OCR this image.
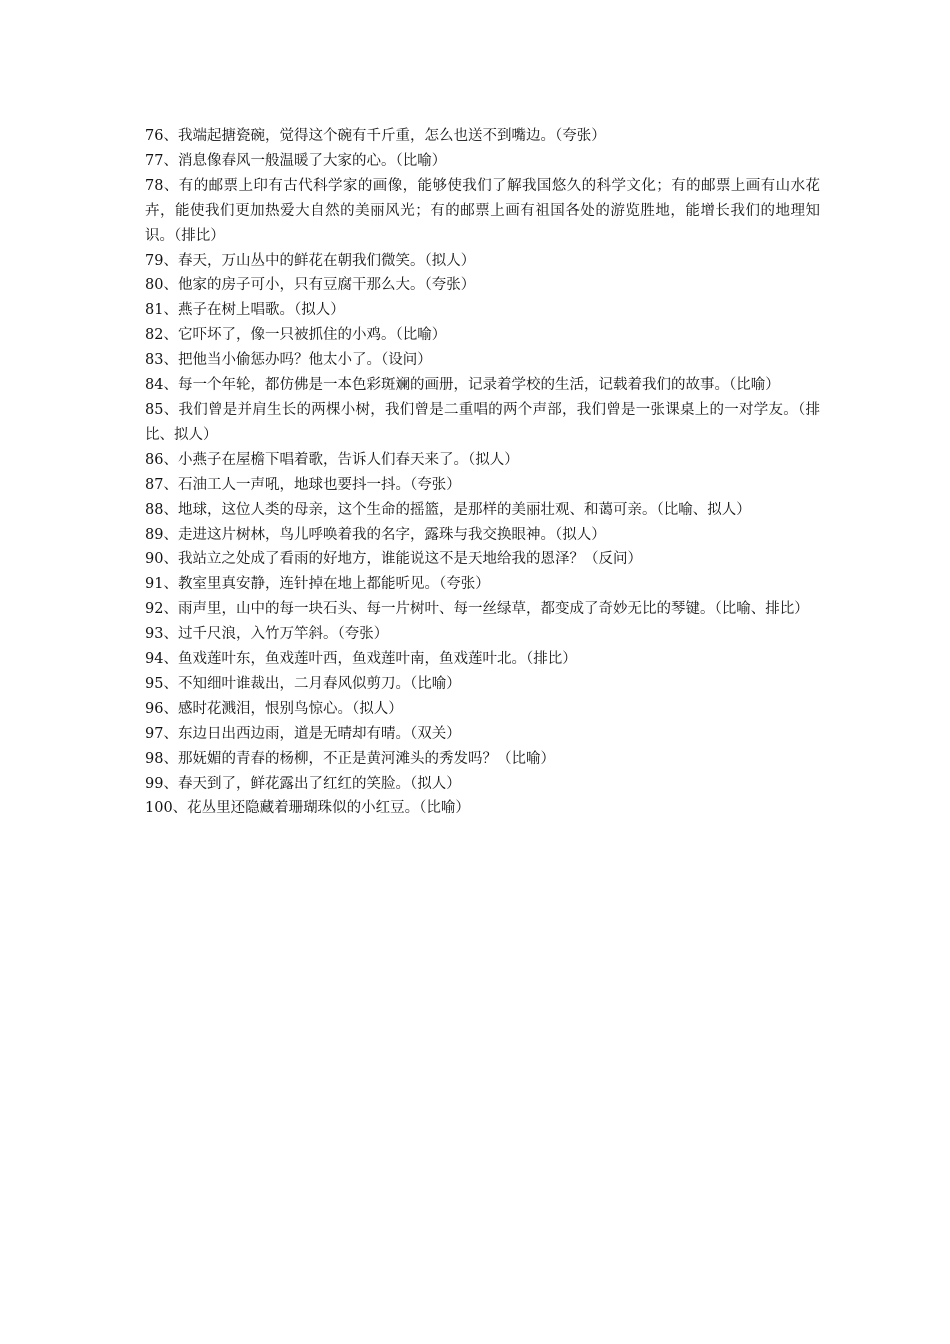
76、我端起搪瓷碗，觉得这个碗有千斤重，怎么也送不到嘴边。（夸张）

77、消息像春风一般温暖了大家的心。（比喻）

78、有的邮票上印有古代科学家的画像，能够使我们了解我国悠久的科学文化；有的邮票上画有山水花卉，能使我们更加热爱大自然的美丽风光；有的邮票上画有祖国各处的游览胜地，能增长我们的地理知识。（排比）

79、春天，万山丛中的鲜花在朝我们微笑。（拟人）

80、他家的房子可小，只有豆腐干那么大。（夸张）

81、燕子在树上唱歌。（拟人）

82、它吓坏了，像一只被抓住的小鸡。（比喻）

83、把他当小偷惩办吗？他太小了。（设问）

84、每一个年轮，都仿佛是一本色彩斑斓的画册，记录着学校的生活，记载着我们的故事。（比喻）

85、我们曾是并肩生长的两棵小树，我们曾是二重唱的两个声部，我们曾是一张课桌上的一对学友。（排比、拟人）

86、小燕子在屋檐下唱着歌，告诉人们春天来了。（拟人）

87、石油工人一声吼，地球也要抖一抖。（夸张）

88、地球，这位人类的母亲，这个生命的摇篮，是那样的美丽壮观、和蔼可亲。（比喻、拟人）

89、走进这片树林，鸟儿呼唤着我的名字，露珠与我交换眼神。（拟人）

90、我站立之处成了看雨的好地方，谁能说这不是天地给我的恩泽？（反问）

91、教室里真安静，连针掉在地上都能听见。（夸张）

92、雨声里，山中的每一块石头、每一片树叶、每一丝绿草，都变成了奇妙无比的琴键。（比喻、排比）

93、过千尺浪，入竹万竿斜。（夸张）

94、鱼戏莲叶东，鱼戏莲叶西，鱼戏莲叶南，鱼戏莲叶北。（排比）

95、不知细叶谁裁出，二月春风似剪刀。（比喻）

96、感时花溅泪，恨别鸟惊心。（拟人）

97、东边日出西边雨，道是无晴却有晴。（双关）

98、那妩媚的青春的杨柳，不正是黄河滩头的秀发吗？（比喻）

99、春天到了，鲜花露出了红红的笑脸。（拟人）

100、花丛里还隐藏着珊瑚珠似的小红豆。（比喻）
